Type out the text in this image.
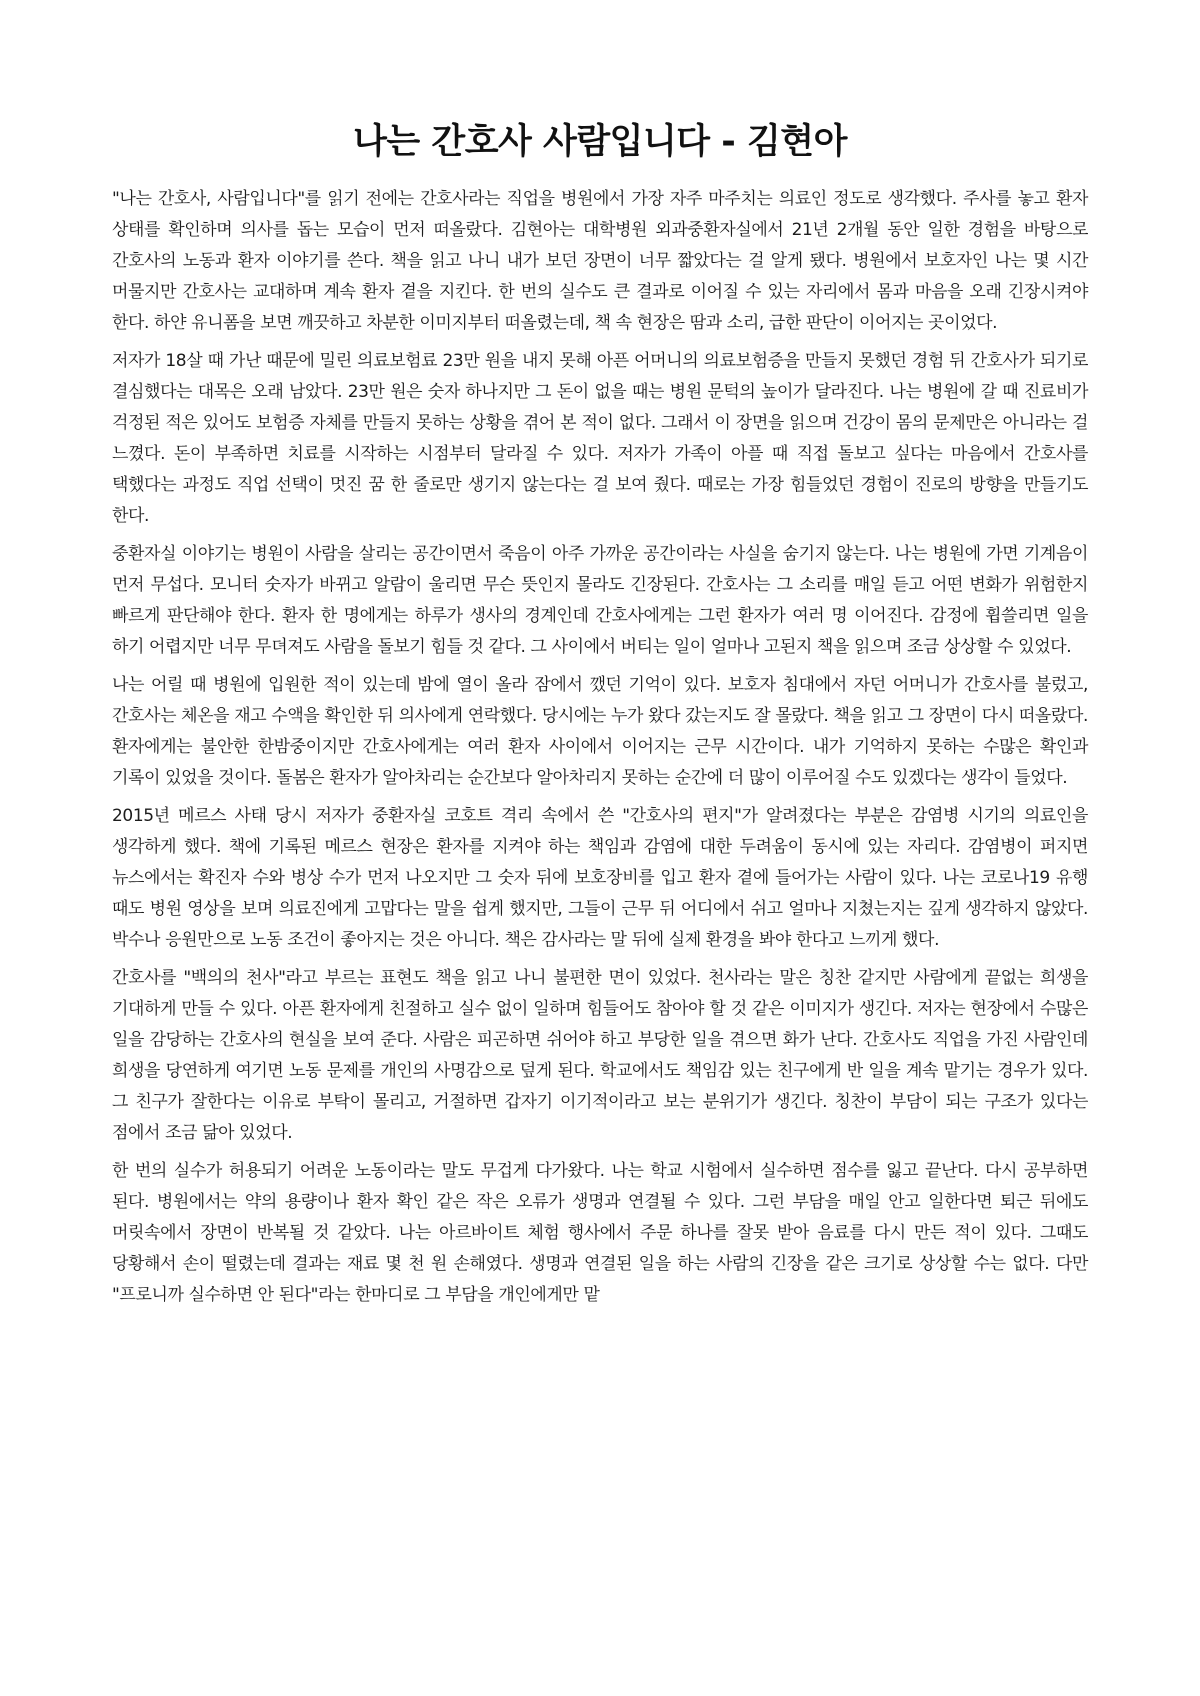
나는 간호사 사람입니다 - 김현아

"나는 간호사, 사람입니다"를 읽기 전에는 간호사라는 직업을 병원에서 가장 자주 마주치는 의료인 정도로 생각했다. 주사를 놓고 환자 상태를 확인하며 의사를 돕는 모습이 먼저 떠올랐다. 김현아는 대학병원 외과중환자실에서 21년 2개월 동안 일한 경험을 바탕으로 간호사의 노동과 환자 이야기를 쓴다. 책을 읽고 나니 내가 보던 장면이 너무 짧았다는 걸 알게 됐다. 병원에서 보호자인 나는 몇 시간 머물지만 간호사는 교대하며 계속 환자 곁을 지킨다. 한 번의 실수도 큰 결과로 이어질 수 있는 자리에서 몸과 마음을 오래 긴장시켜야 한다. 하얀 유니폼을 보면 깨끗하고 차분한 이미지부터 떠올렸는데, 책 속 현장은 땀과 소리, 급한 판단이 이어지는 곳이었다.

저자가 18살 때 가난 때문에 밀린 의료보험료 23만 원을 내지 못해 아픈 어머니의 의료보험증을 만들지 못했던 경험 뒤 간호사가 되기로 결심했다는 대목은 오래 남았다. 23만 원은 숫자 하나지만 그 돈이 없을 때는 병원 문턱의 높이가 달라진다. 나는 병원에 갈 때 진료비가 걱정된 적은 있어도 보험증 자체를 만들지 못하는 상황을 겪어 본 적이 없다. 그래서 이 장면을 읽으며 건강이 몸의 문제만은 아니라는 걸 느꼈다. 돈이 부족하면 치료를 시작하는 시점부터 달라질 수 있다. 저자가 가족이 아플 때 직접 돌보고 싶다는 마음에서 간호사를 택했다는 과정도 직업 선택이 멋진 꿈 한 줄로만 생기지 않는다는 걸 보여 줬다. 때로는 가장 힘들었던 경험이 진로의 방향을 만들기도 한다.

중환자실 이야기는 병원이 사람을 살리는 공간이면서 죽음이 아주 가까운 공간이라는 사실을 숨기지 않는다. 나는 병원에 가면 기계음이 먼저 무섭다. 모니터 숫자가 바뀌고 알람이 울리면 무슨 뜻인지 몰라도 긴장된다. 간호사는 그 소리를 매일 듣고 어떤 변화가 위험한지 빠르게 판단해야 한다. 환자 한 명에게는 하루가 생사의 경계인데 간호사에게는 그런 환자가 여러 명 이어진다. 감정에 휩쓸리면 일을 하기 어렵지만 너무 무뎌져도 사람을 돌보기 힘들 것 같다. 그 사이에서 버티는 일이 얼마나 고된지 책을 읽으며 조금 상상할 수 있었다.

나는 어릴 때 병원에 입원한 적이 있는데 밤에 열이 올라 잠에서 깼던 기억이 있다. 보호자 침대에서 자던 어머니가 간호사를 불렀고, 간호사는 체온을 재고 수액을 확인한 뒤 의사에게 연락했다. 당시에는 누가 왔다 갔는지도 잘 몰랐다. 책을 읽고 그 장면이 다시 떠올랐다. 환자에게는 불안한 한밤중이지만 간호사에게는 여러 환자 사이에서 이어지는 근무 시간이다. 내가 기억하지 못하는 수많은 확인과 기록이 있었을 것이다. 돌봄은 환자가 알아차리는 순간보다 알아차리지 못하는 순간에 더 많이 이루어질 수도 있겠다는 생각이 들었다.

2015년 메르스 사태 당시 저자가 중환자실 코호트 격리 속에서 쓴 "간호사의 편지"가 알려졌다는 부분은 감염병 시기의 의료인을 생각하게 했다. 책에 기록된 메르스 현장은 환자를 지켜야 하는 책임과 감염에 대한 두려움이 동시에 있는 자리다. 감염병이 퍼지면 뉴스에서는 확진자 수와 병상 수가 먼저 나오지만 그 숫자 뒤에 보호장비를 입고 환자 곁에 들어가는 사람이 있다. 나는 코로나19 유행 때도 병원 영상을 보며 의료진에게 고맙다는 말을 쉽게 했지만, 그들이 근무 뒤 어디에서 쉬고 얼마나 지쳤는지는 깊게 생각하지 않았다. 박수나 응원만으로 노동 조건이 좋아지는 것은 아니다. 책은 감사라는 말 뒤에 실제 환경을 봐야 한다고 느끼게 했다.

간호사를 "백의의 천사"라고 부르는 표현도 책을 읽고 나니 불편한 면이 있었다. 천사라는 말은 칭찬 같지만 사람에게 끝없는 희생을 기대하게 만들 수 있다. 아픈 환자에게 친절하고 실수 없이 일하며 힘들어도 참아야 할 것 같은 이미지가 생긴다. 저자는 현장에서 수많은 일을 감당하는 간호사의 현실을 보여 준다. 사람은 피곤하면 쉬어야 하고 부당한 일을 겪으면 화가 난다. 간호사도 직업을 가진 사람인데 희생을 당연하게 여기면 노동 문제를 개인의 사명감으로 덮게 된다. 학교에서도 책임감 있는 친구에게 반 일을 계속 맡기는 경우가 있다. 그 친구가 잘한다는 이유로 부탁이 몰리고, 거절하면 갑자기 이기적이라고 보는 분위기가 생긴다. 칭찬이 부담이 되는 구조가 있다는 점에서 조금 닮아 있었다.

한 번의 실수가 허용되기 어려운 노동이라는 말도 무겁게 다가왔다. 나는 학교 시험에서 실수하면 점수를 잃고 끝난다. 다시 공부하면 된다. 병원에서는 약의 용량이나 환자 확인 같은 작은 오류가 생명과 연결될 수 있다. 그런 부담을 매일 안고 일한다면 퇴근 뒤에도 머릿속에서 장면이 반복될 것 같았다. 나는 아르바이트 체험 행사에서 주문 하나를 잘못 받아 음료를 다시 만든 적이 있다. 그때도 당황해서 손이 떨렸는데 결과는 재료 몇 천 원 손해였다. 생명과 연결된 일을 하는 사람의 긴장을 같은 크기로 상상할 수는 없다. 다만 "프로니까 실수하면 안 된다"라는 한마디로 그 부담을 개인에게만 맡
